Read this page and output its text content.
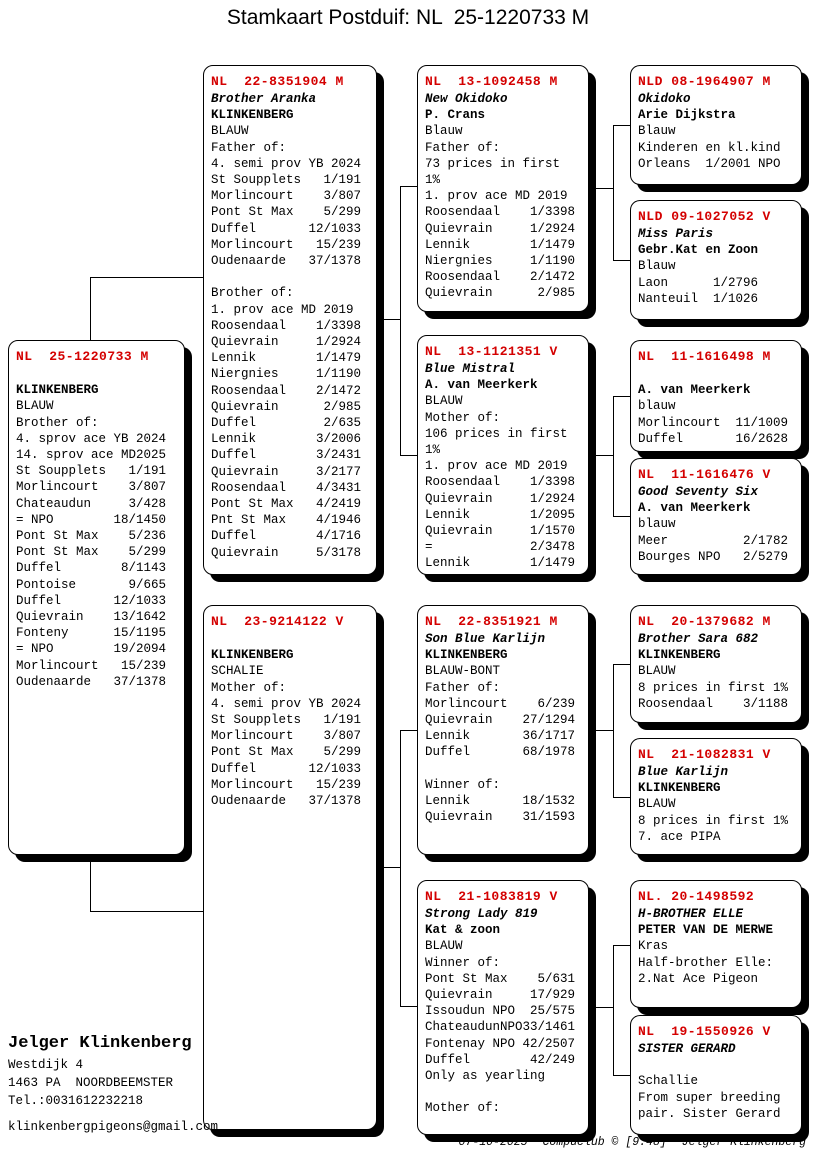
Stamkaart Postduif: NL  25-1220733 M
NL  25-1220733 M

KLINKENBERG
BLAUW
Brother of:
4. sprov ace YB 2024
14. sprov ace MD2025
St Soupplets   1/191
Morlincourt    3/807
Chateaudun     3/428
= NPO        18/1450
Pont St Max    5/236
Pont St Max    5/299
Duffel        8/1143
Pontoise       9/665
Duffel       12/1033
Quievrain    13/1642
Fonteny      15/1195
= NPO        19/2094
Morlincourt   15/239
Oudenaarde   37/1378
NL  22-8351904 M
Brother Aranka
KLINKENBERG
BLAUW
Father of:
4. semi prov YB 2024
St Soupplets   1/191
Morlincourt    3/807
Pont St Max    5/299
Duffel       12/1033
Morlincourt   15/239
Oudenaarde   37/1378

Brother of:
1. prov ace MD 2019
Roosendaal    1/3398
Quievrain     1/2924
Lennik        1/1479
Niergnies     1/1190
Roosendaal    2/1472
Quievrain      2/985
Duffel         2/635
Lennik        3/2006
Duffel        3/2431
Quievrain     3/2177
Roosendaal    4/3431
Pont St Max   4/2419
Pnt St Max    4/1946
Duffel        4/1716
Quievrain     5/3178
NL  23-9214122 V

KLINKENBERG
SCHALIE
Mother of:
4. semi prov YB 2024
St Soupplets   1/191
Morlincourt    3/807
Pont St Max    5/299
Duffel       12/1033
Morlincourt   15/239
Oudenaarde   37/1378
NL  13-1092458 M
New Okidoko
P. Crans
Blauw
Father of:
73 prices in first
1%
1. prov ace MD 2019
Roosendaal    1/3398
Quievrain     1/2924
Lennik        1/1479
Niergnies     1/1190
Roosendaal    2/1472
Quievrain      2/985
NL  13-1121351 V
Blue Mistral
A. van Meerkerk
BLAUW
Mother of:
106 prices in first
1%
1. prov ace MD 2019
Roosendaal    1/3398
Quievrain     1/2924
Lennik        1/2095
Quievrain     1/1570
=             2/3478
Lennik        1/1479
NL  22-8351921 M
Son Blue Karlijn
KLINKENBERG
BLAUW-BONT
Father of:
Morlincourt    6/239
Quievrain    27/1294
Lennik       36/1717
Duffel       68/1978

Winner of:
Lennik       18/1532
Quievrain    31/1593
NL  21-1083819 V
Strong Lady 819
Kat & zoon
BLAUW
Winner of:
Pont St Max    5/631
Quievrain     17/929
Issoudun NPO  25/575
ChateaudunNPO33/1461
Fontenay NPO 42/2507
Duffel        42/249
Only as yearling

Mother of:
NLD 08-1964907 M
Okidoko
Arie Dijkstra
Blauw
Kinderen en kl.kind
Orleans  1/2001 NPO
NLD 09-1027052 V
Miss Paris
Gebr.Kat en Zoon
Blauw
Laon      1/2796
Nanteuil  1/1026
NL  11-1616498 M

A. van Meerkerk
blauw
Morlincourt  11/1009
Duffel       16/2628
NL  11-1616476 V
Good Seventy Six
A. van Meerkerk
blauw
Meer          2/1782
Bourges NPO   2/5279
NL  20-1379682 M
Brother Sara 682
KLINKENBERG
BLAUW
8 prices in first 1%
Roosendaal    3/1188
NL  21-1082831 V
Blue Karlijn
KLINKENBERG
BLAUW
8 prices in first 1%
7. ace PIPA
NL. 20-1498592
H-BROTHER ELLE
PETER VAN DE MERWE
Kras
Half-brother Elle:
2.Nat Ace Pigeon
NL  19-1550926 V
SISTER GERARD

Schallie
From super breeding
pair. Sister Gerard
Jelger Klinkenberg
Westdijk 4
1463 PA  NOORDBEEMSTER
Tel.:0031612232218
klinkenbergpigeons@gmail.com
07-10-2025 Compuclub © [9.48] Jelger Klinkenberg
